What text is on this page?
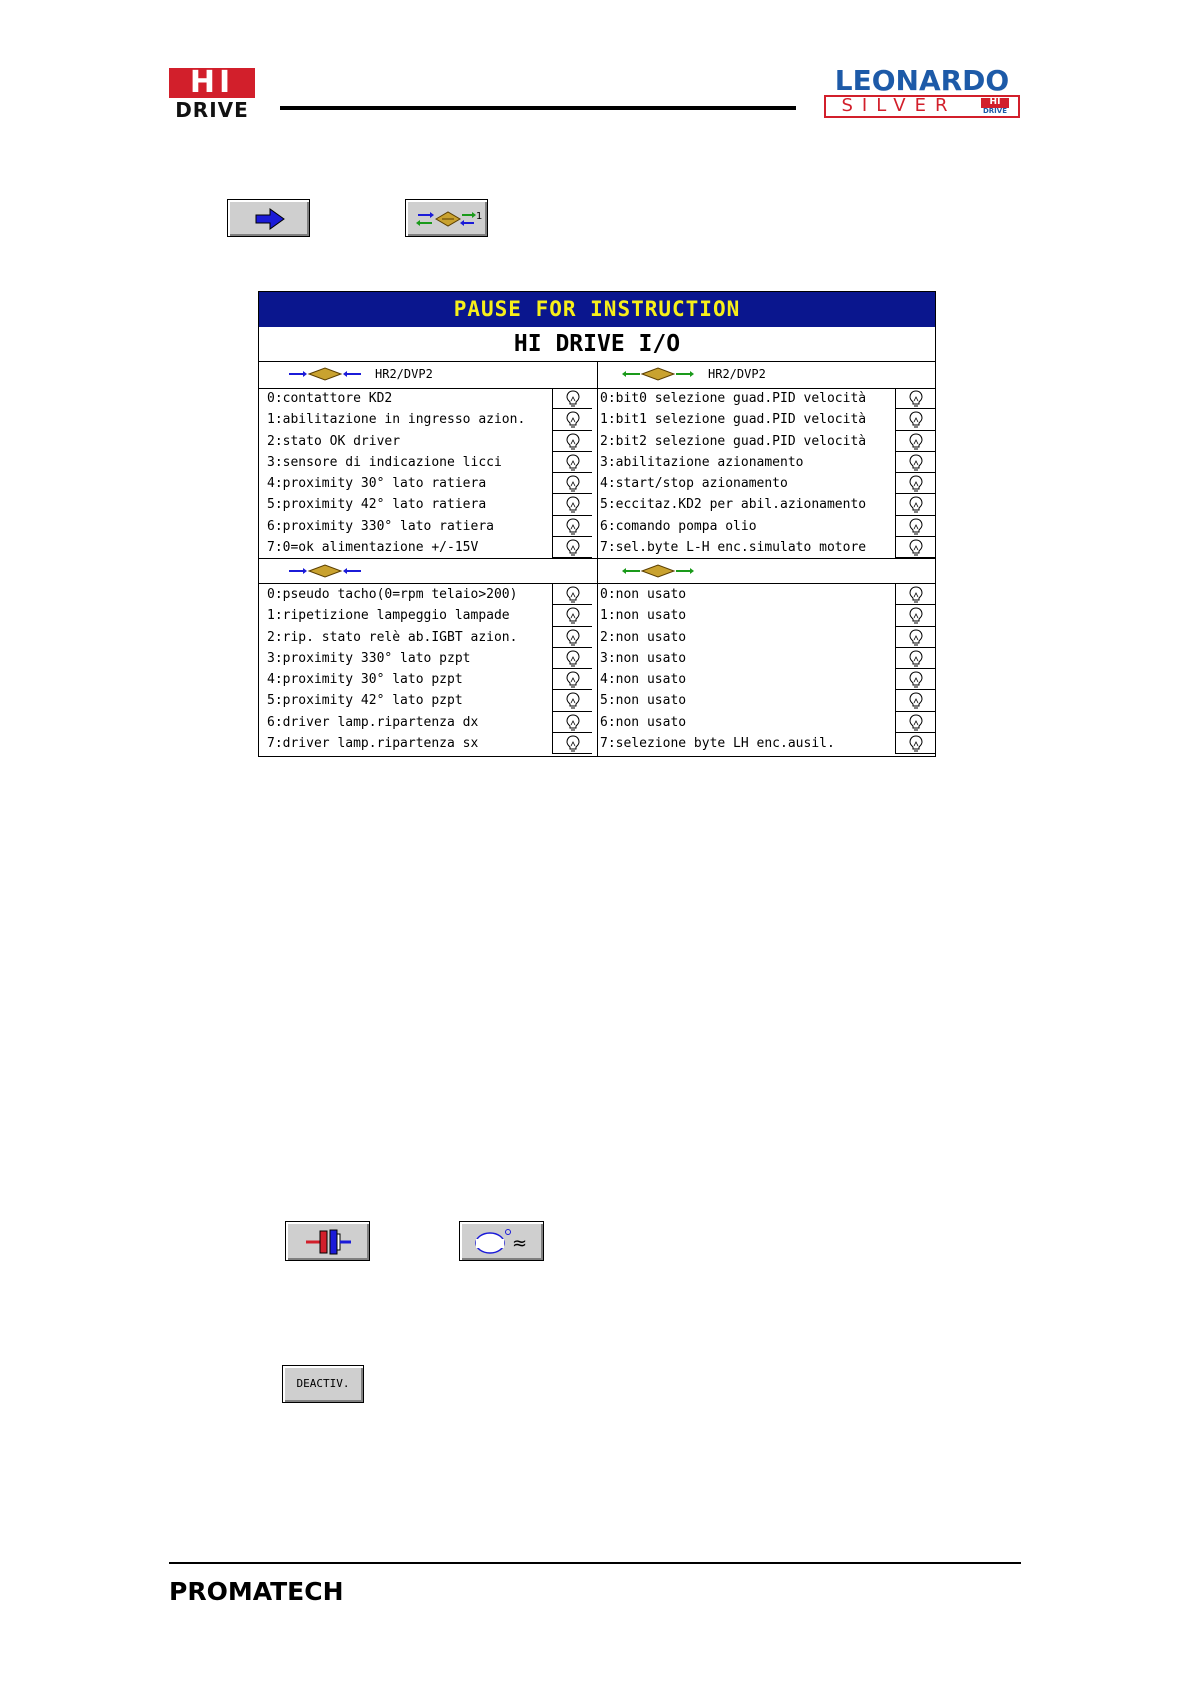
HI
DRIVE
LEONARDO
SILVER	HI
DRIVE
1
PAUSE FOR INSTRUCTION
HI DRIVE I/O
HR2/DVP2
0:contattore KD2
1:abilitazione in ingresso azion.
2:stato OK driver
3:sensore di indicazione licci
4:proximity 30° lato ratiera
5:proximity 42° lato ratiera
6:proximity 330° lato ratiera
7:0=ok alimentazione +/-15V
0:pseudo tacho(0=rpm telaio>200)
1:ripetizione lampeggio lampade
2:rip. stato relè ab.IGBT azion.
3:proximity 330° lato pzpt
4:proximity 30° lato pzpt
5:proximity 42° lato pzpt
6:driver lamp.ripartenza dx
7:driver lamp.ripartenza sx
HR2/DVP2
0:bit0 selezione guad.PID velocità
1:bit1 selezione guad.PID velocità
2:bit2 selezione guad.PID velocità
3:abilitazione azionamento
4:start/stop azionamento
5:eccitaz.KD2 per abil.azionamento
6:comando pompa olio
7:sel.byte L-H enc.simulato motore
0:non usato
1:non usato
2:non usato
3:non usato
4:non usato
5:non usato
6:non usato
7:selezione byte LH enc.ausil.
≈
DEACTIV.
PROMATECH
